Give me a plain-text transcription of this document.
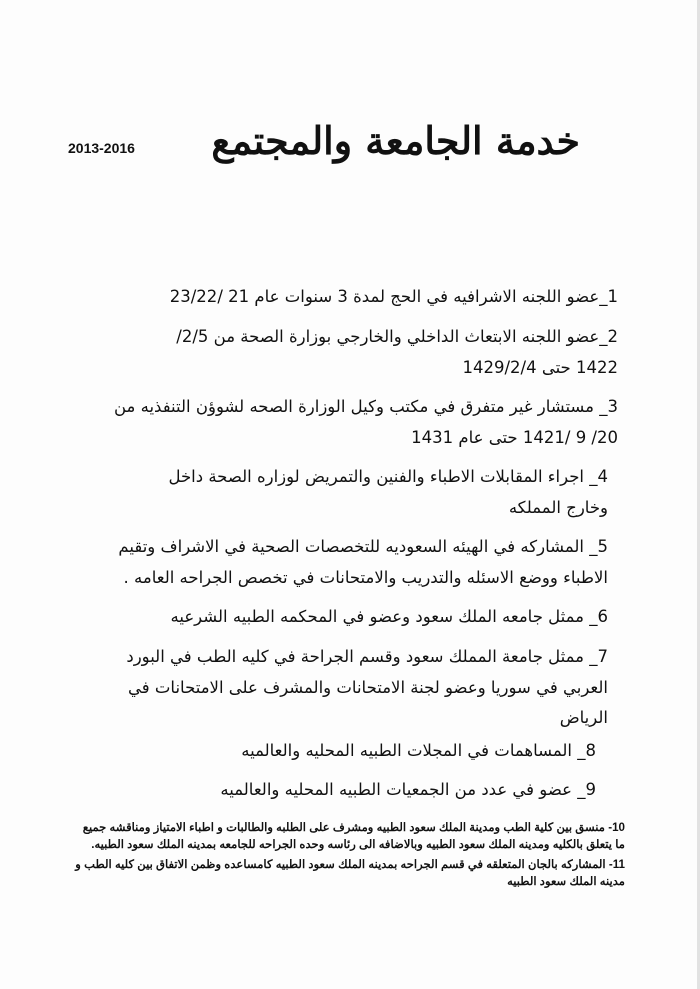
خدمة الجامعة والمجتمع
2013-2016
1_عضو اللجنه الاشرافيه في الحج لمدة 3 سنوات عام 21 /23/22
2_عضو اللجنه الابتعاث الداخلي والخارجي بوزارة الصحة من 2/5/
1422 حتى 1429/2/4
3_ مستشار غير متفرق في مكتب وكيل الوزارة الصحه لشوؤن التنفذيه من
20/ 9 /1421 حتى عام 1431
4_ اجراء المقابلات الاطباء والفنين والتمريض لوزاره الصحة داخل
وخارج المملكه
5_ المشاركه في الهيئه السعوديه للتخصصات الصحية في الاشراف وتقيم
الاطباء ووضع الاسئله والتدريب والامتحانات في تخصص الجراحه العامه .
6_ ممثل جامعه الملك سعود وعضو في المحكمه الطبيه الشرعيه
7_ ممثل جامعة المملك سعود وقسم الجراحة في كليه الطب في البورد
العربي في سوريا وعضو لجنة الامتحانات والمشرف على الامتحانات في
الرياض
8_ المساهمات في المجلات الطبيه المحليه والعالميه
9_ عضو في عدد من الجمعيات الطبيه المحليه والعالميه
10- منسق بين كلية الطب ومدينة الملك سعود الطبيه ومشرف على الطلبه والطالبات و اطباء الامتياز ومناقشه جميع
ما يتعلق بالكليه ومدينه الملك سعود الطبيه وبالاضافه الى رئاسه وحده الجراحه للجامعه بمدينه الملك سعود الطبيه.
11- المشاركه بالجان المتعلقه في قسم الجراحه بمدينه الملك سعود الطبيه كامساعده وظمن الاتفاق بين كليه الطب و
مدينه الملك سعود الطبيه
